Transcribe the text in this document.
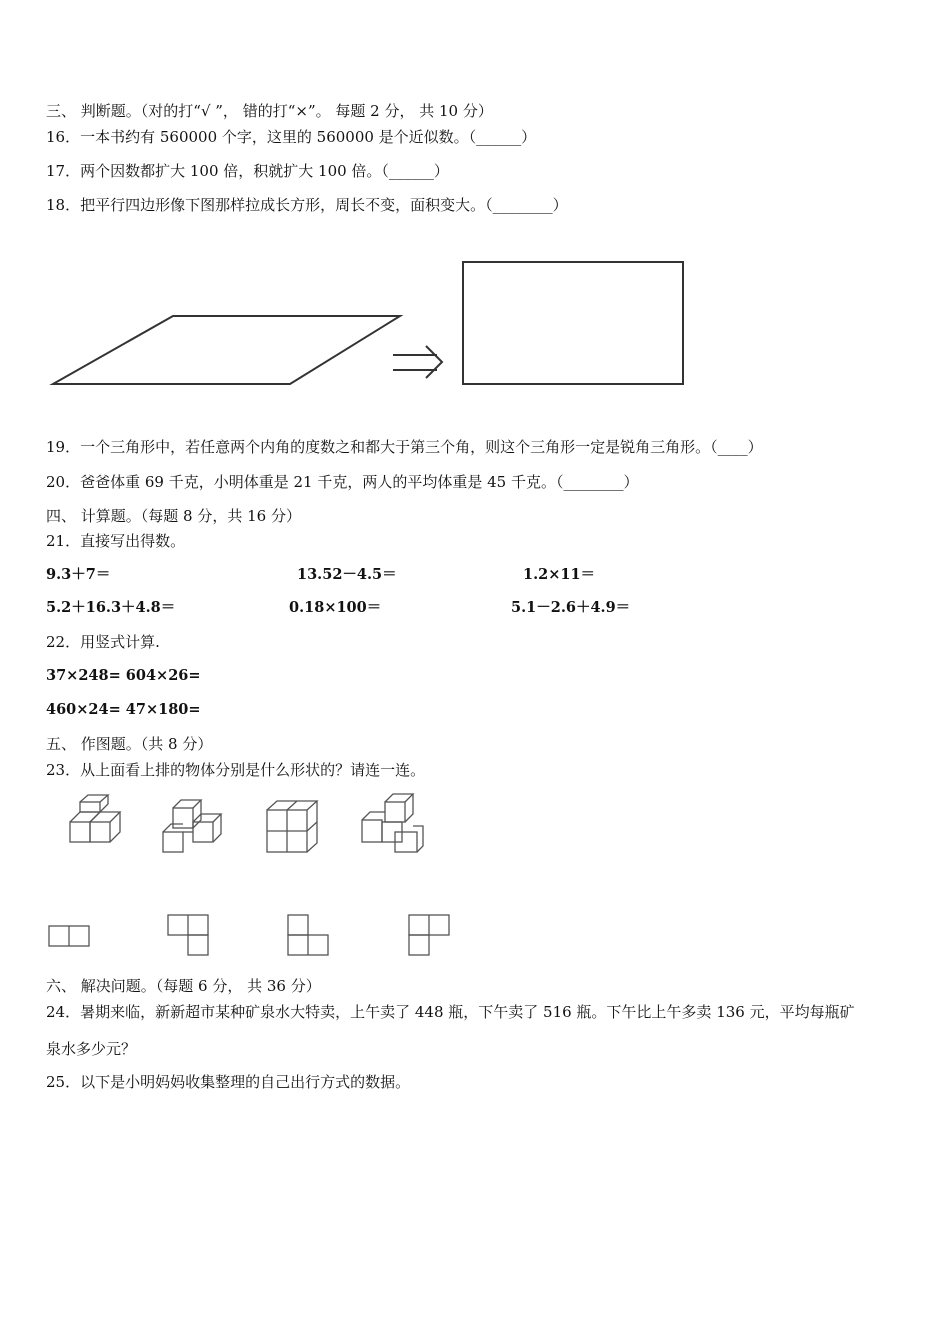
三、 判断题。（对的打“√ ”， 错的打“×”。 每题 2 分， 共 10 分）
16．一本书约有 560000 个字，这里的 560000 是个近似数。（______）
17．两个因数都扩大 100 倍，积就扩大 100 倍。（______）
18．把平行四边形像下图那样拉成长方形，周长不变，面积变大。（________）
19．一个三角形中，若任意两个内角的度数之和都大于第三个角，则这个三角形一定是锐角三角形。（____）
20．爸爸体重 69 千克，小明体重是 21 千克，两人的平均体重是 45 千克。（________）
四、 计算题。（每题 8 分，共 16 分）
21．直接写出得数。
9.3＋7＝	13.52－4.5＝	1.2×11＝
5.2＋16.3＋4.8＝	0.18×100＝	5.1－2.6＋4.9＝
22．用竖式计算.
37×248= 604×26=
460×24= 47×180=
五、 作图题。（共 8 分）
23．从上面看上排的物体分别是什么形状的？请连一连。
六、 解决问题。（每题 6 分， 共 36 分）
24．暑期来临，新新超市某种矿泉水大特卖，上午卖了 448 瓶，下午卖了 516 瓶。下午比上午多卖 136 元，平均每瓶矿
泉水多少元？
25．以下是小明妈妈收集整理的自己出行方式的数据。
